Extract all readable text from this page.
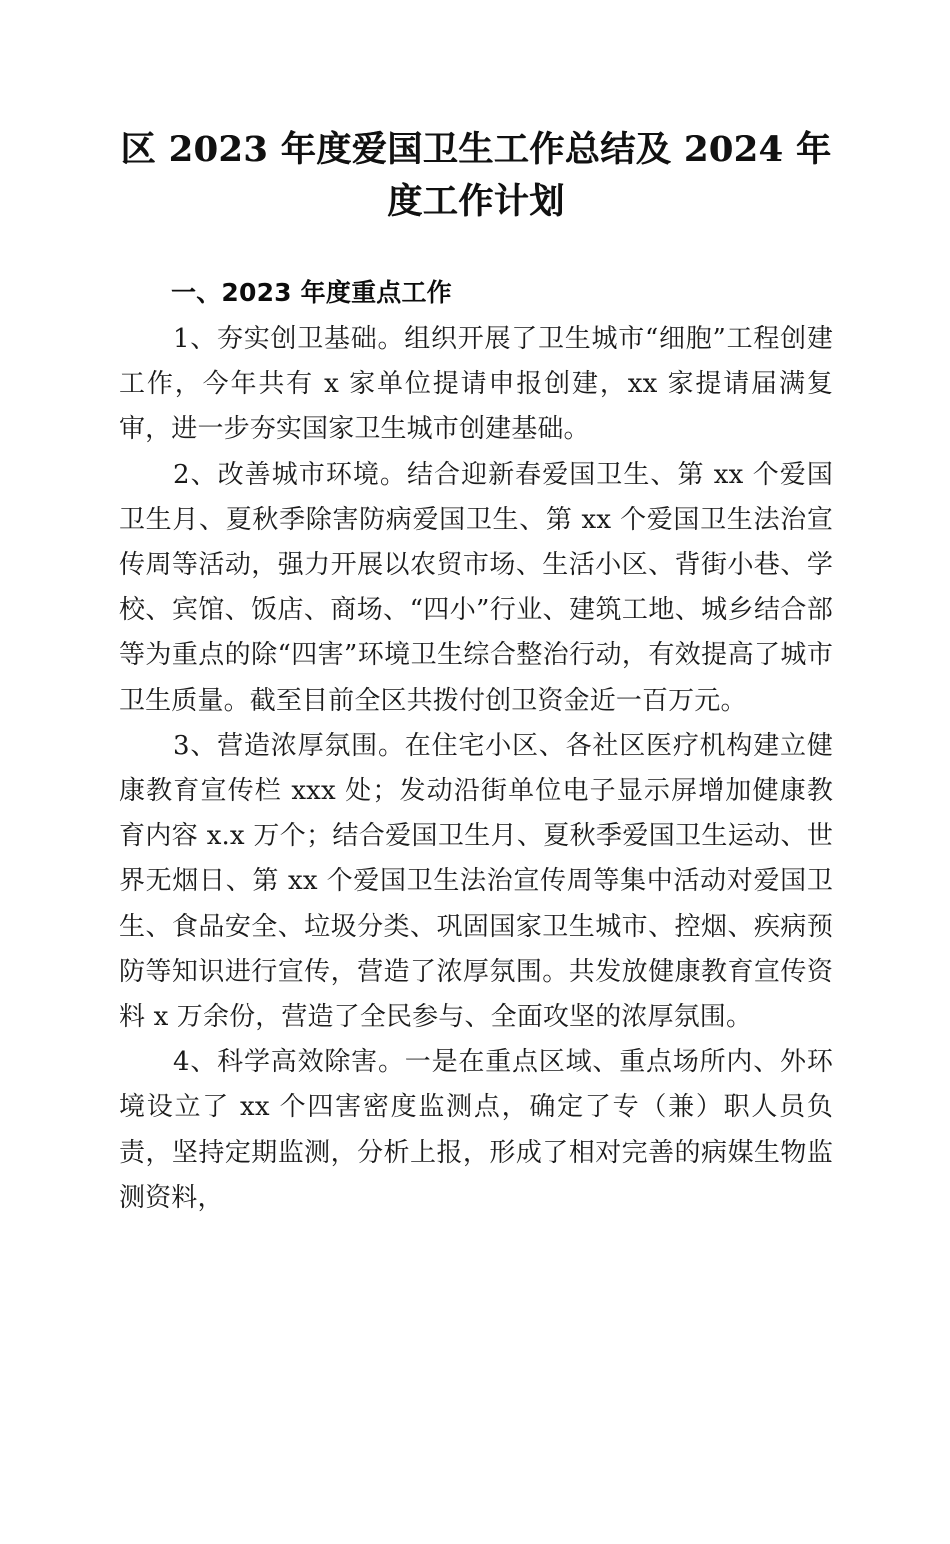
区 2023 年度爱国卫生工作总结及 2024 年度工作计划
一、2023 年度重点工作

1、夯实创卫基础。组织开展了卫生城市“细胞”工程创建工作，今年共有 x 家单位提请申报创建，xx 家提请届满复审，进一步夯实国家卫生城市创建基础。

2、改善城市环境。结合迎新春爱国卫生、第 xx 个爱国卫生月、夏秋季除害防病爱国卫生、第 xx 个爱国卫生法治宣传周等活动，强力开展以农贸市场、生活小区、背街小巷、学校、宾馆、饭店、商场、“四小”行业、建筑工地、城乡结合部等为重点的除“四害”环境卫生综合整治行动，有效提高了城市卫生质量。截至目前全区共拨付创卫资金近一百万元。

3、营造浓厚氛围。在住宅小区、各社区医疗机构建立健康教育宣传栏 xxx 处；发动沿街单位电子显示屏增加健康教育内容 x.x 万个；结合爱国卫生月、夏秋季爱国卫生运动、世界无烟日、第 xx 个爱国卫生法治宣传周等集中活动对爱国卫生、食品安全、垃圾分类、巩固国家卫生城市、控烟、疾病预防等知识进行宣传，营造了浓厚氛围。共发放健康教育宣传资料 x 万余份，营造了全民参与、全面攻坚的浓厚氛围。

4、科学高效除害。一是在重点区域、重点场所内、外环境设立了 xx 个四害密度监测点，确定了专（兼）职人员负责，坚持定期监测，分析上报，形成了相对完善的病媒生物监测资料，
